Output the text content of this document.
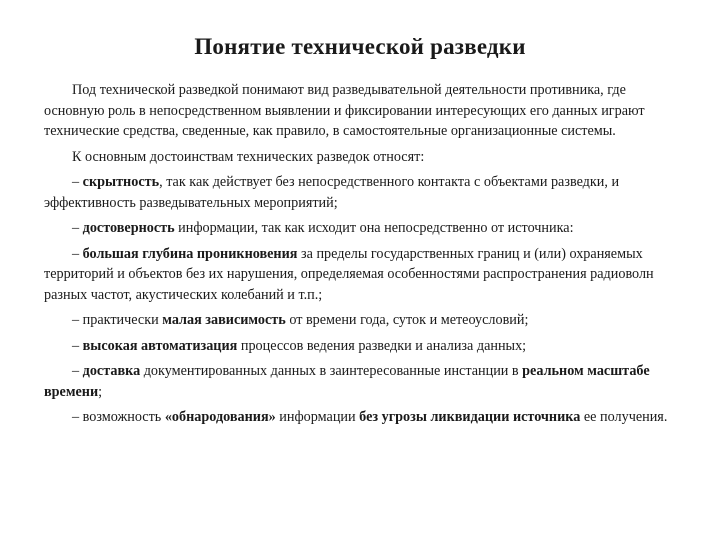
Понятие технической разведки

Под технической разведкой понимают вид разведывательной деятельности противника, где основную роль в непосредственном выявлении и фиксировании интересующих его данных играют технические средства, сведенные, как правило, в самостоятельные организационные системы.

К основным достоинствам технических разведок относят:

– скрытность, так как действует без непосредственного контакта с объектами разведки, и эффективность разведывательных мероприятий;

– достоверность информации, так как исходит она непосредственно от источника:

– большая глубина проникновения за пределы государственных границ и (или) охраняемых территорий и объектов без их нарушения, определяемая особенностями распространения радиоволн разных частот, акустических колебаний и т.п.;

– практически малая зависимость от времени года, суток и метеоусловий;

– высокая автоматизация процессов ведения разведки и анализа данных;

– доставка документированных данных в заинтересованные инстанции в реальном масштабе времени;

– возможность «обнародования» информации без угрозы ликвидации источника ее получения.
